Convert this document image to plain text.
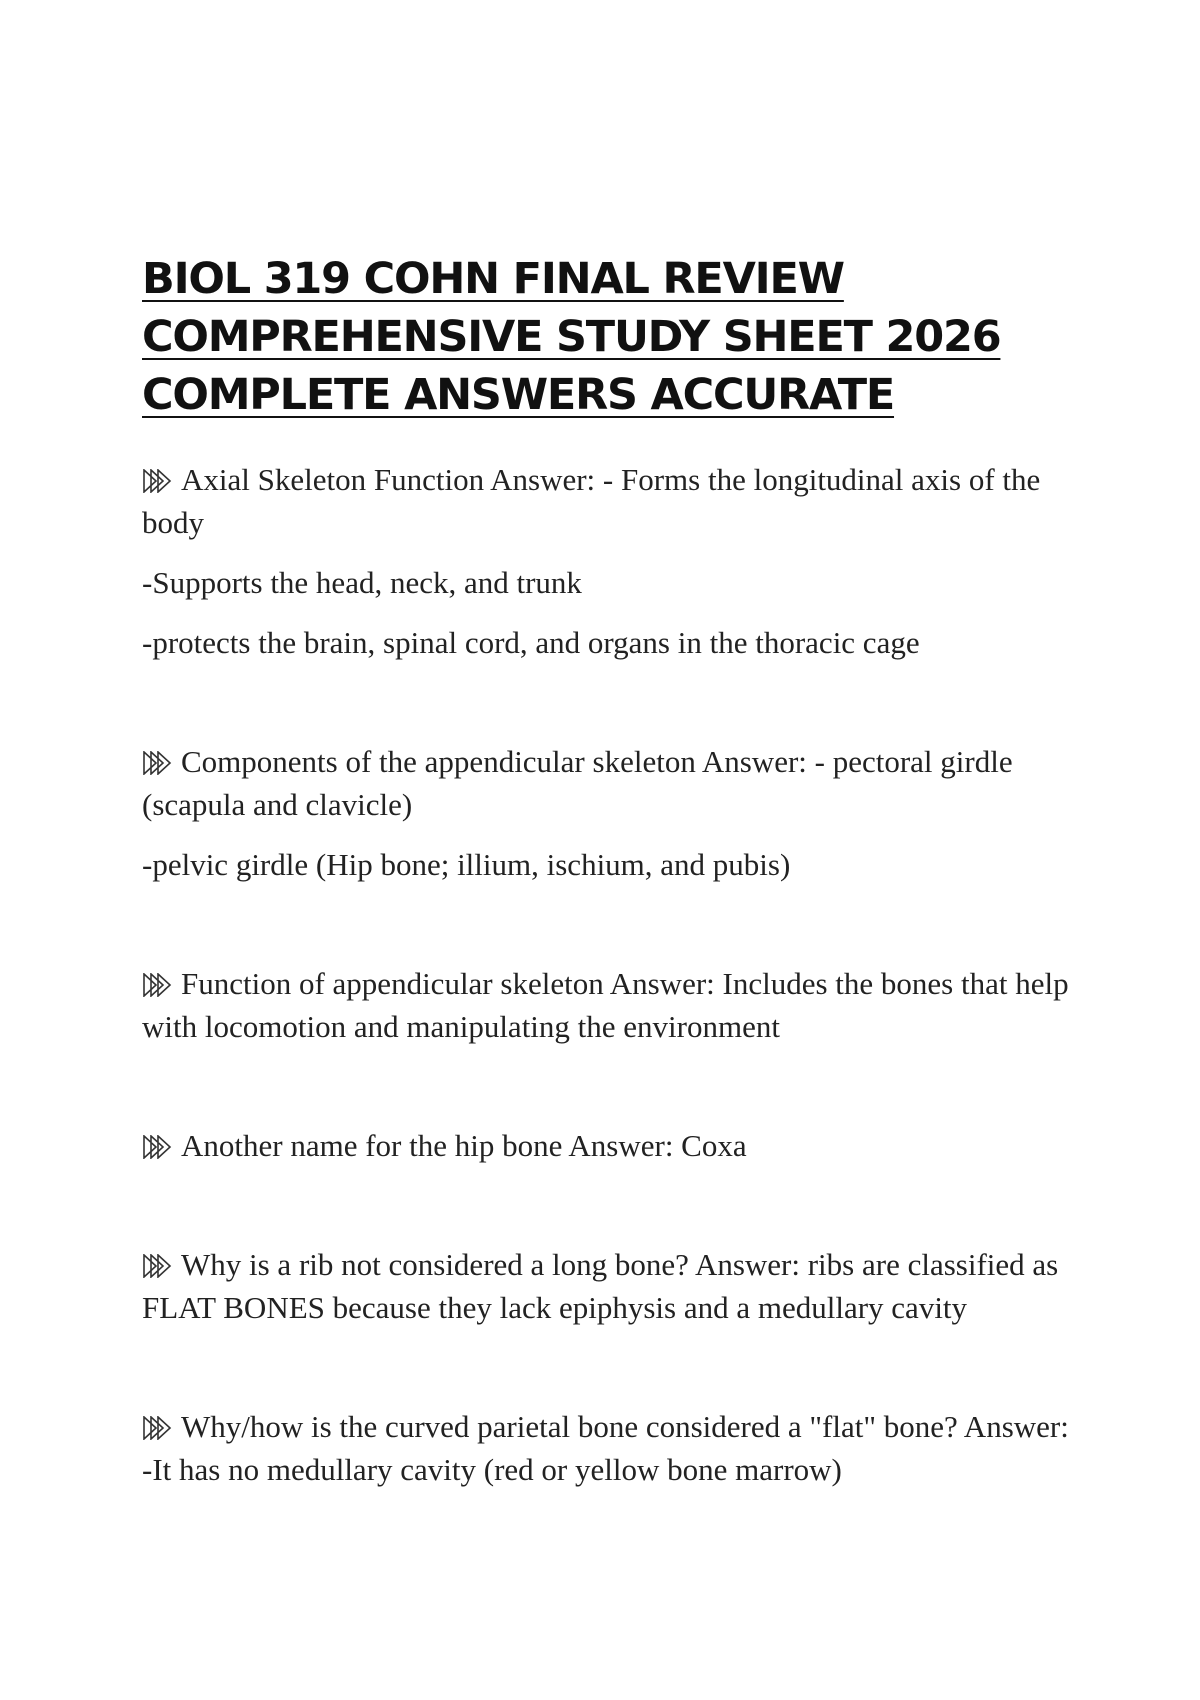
BIOL 319 COHN FINAL REVIEW
COMPREHENSIVE STUDY SHEET 2026
COMPLETE ANSWERS ACCURATE

Axial Skeleton Function Answer: - Forms the longitudinal axis of the body

-Supports the head, neck, and trunk

-protects the brain, spinal cord, and organs in the thoracic cage

Components of the appendicular skeleton Answer: - pectoral girdle (scapula and clavicle)

-pelvic girdle (Hip bone; illium, ischium, and pubis)

Function of appendicular skeleton Answer: Includes the bones that help with locomotion and manipulating the environment

Another name for the hip bone Answer: Coxa

Why is a rib not considered a long bone? Answer: ribs are classified as FLAT BONES because they lack epiphysis and a medullary cavity

Why/how is the curved parietal bone considered a "flat" bone? Answer: -It has no medullary cavity (red or yellow bone marrow)
